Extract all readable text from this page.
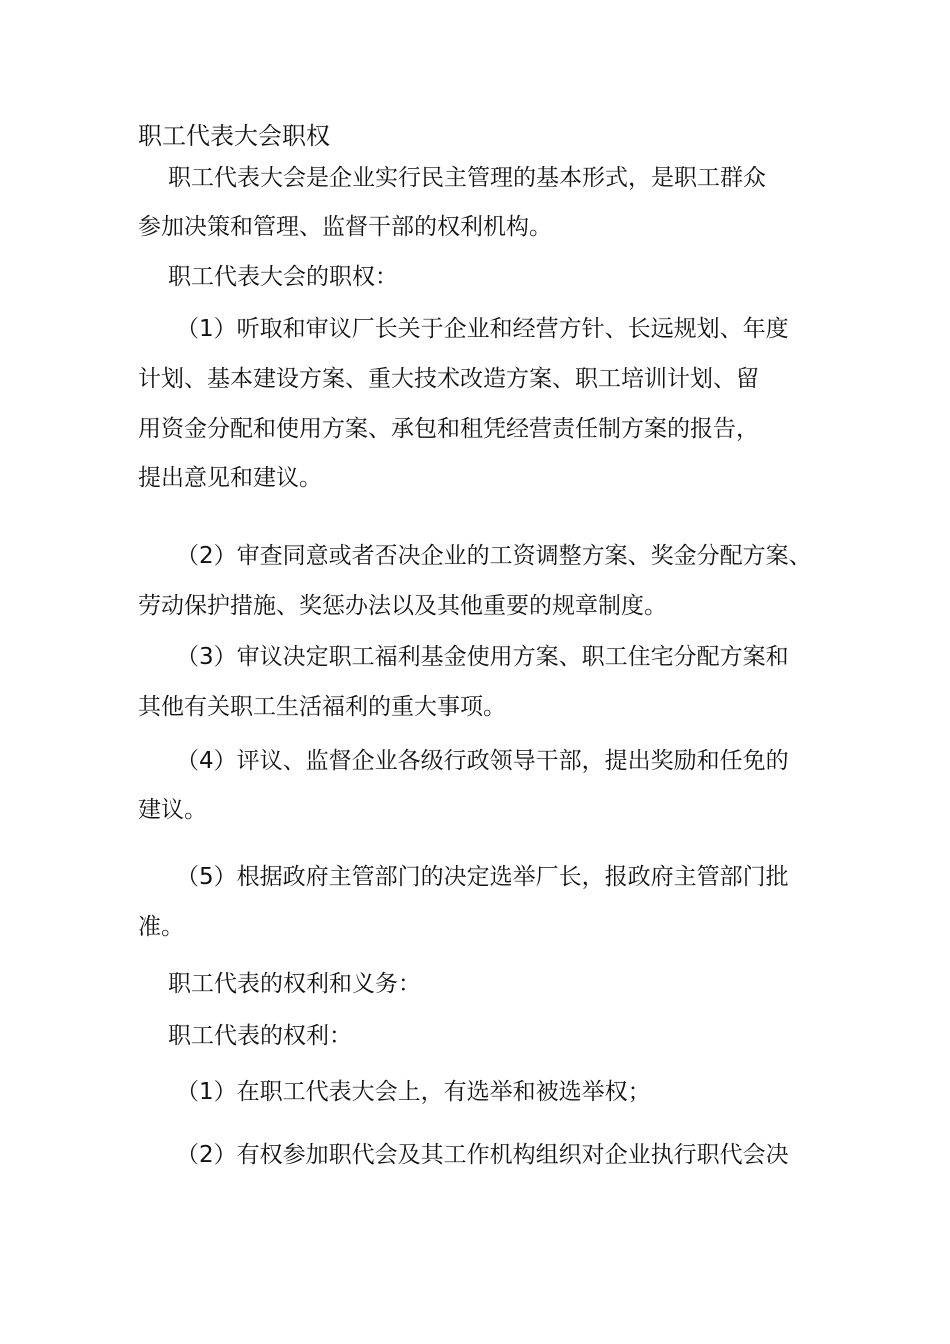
职工代表大会职权
职工代表大会是企业实行民主管理的基本形式，是职工群众
参加决策和管理、监督干部的权利机构。
职工代表大会的职权：
（1）听取和审议厂长关于企业和经营方针、长远规划、年度
计划、基本建设方案、重大技术改造方案、职工培训计划、留
用资金分配和使用方案、承包和租凭经营责任制方案的报告，
提出意见和建议。
（2）审查同意或者否决企业的工资调整方案、奖金分配方案、
劳动保护措施、奖惩办法以及其他重要的规章制度。
（3）审议决定职工福利基金使用方案、职工住宅分配方案和
其他有关职工生活福利的重大事项。
（4）评议、监督企业各级行政领导干部，提出奖励和任免的
建议。
（5）根据政府主管部门的决定选举厂长，报政府主管部门批
准。
职工代表的权利和义务：
职工代表的权利：
（1）在职工代表大会上，有选举和被选举权；
（2）有权参加职代会及其工作机构组织对企业执行职代会决
